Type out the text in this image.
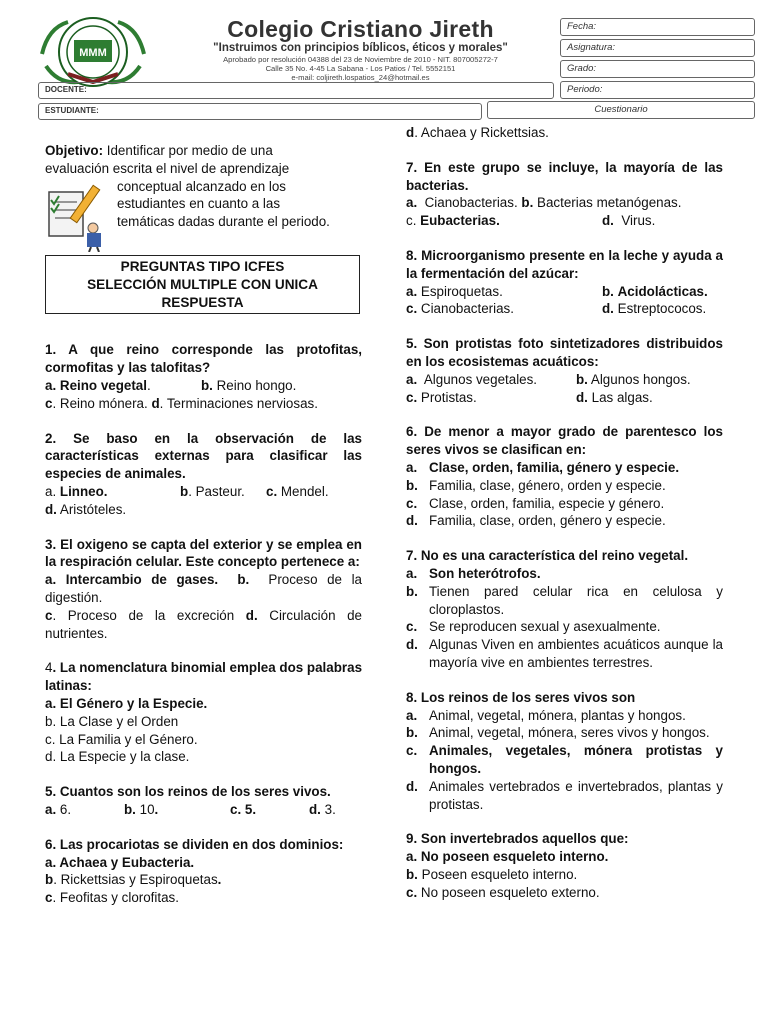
MMM
Colegio Cristiano Jireth
"Instruimos con principios bíblicos, éticos y morales"
Aprobado por resolución 04388 del 23 de Noviembre de 2010 - NIT. 807005272-7
Calle 35 No. 4-45 La Sabana - Los Patios / Tel. 5552151
e-mail: coljireth.lospatios_24@hotmail.es
Fecha:
Asignatura:
Grado:
Periodo:
DOCENTE:
ESTUDIANTE:	Cuestionario
Objetivo: Identificar por medio de una
evaluación escrita el nivel de aprendizaje
conceptual alcanzado en los
estudiantes en cuanto a las
temáticas dadas durante el periodo.
PREGUNTAS TIPO ICFES
SELECCIÓN MULTIPLE CON UNICA
RESPUESTA
1. A que reino corresponde las protofitas, cormofitas y las talofitas?
a. Reino vegetal.	b. Reino hongo.
c. Reino mónera. d. Terminaciones nerviosas.
2. Se baso en la observación de las características externas para clasificar las especies de animales.
a. Linneo.	b. Pasteur.	c. Mendel.
d. Aristóteles.
3. El oxigeno se capta del exterior y se emplea en la respiración celular. Este concepto pertenece a:
a. Intercambio de gases. b. Proceso de la digestión.
c. Proceso de la excreción d. Circulación de nutrientes.
4. La nomenclatura binomial emplea dos palabras latinas:
a. El Género y la Especie.
b. La Clase y el Orden
c. La Familia y el Género.
d. La Especie y la clase.
5. Cuantos son los reinos de los seres vivos.
a. 6.	b. 10.	c. 5.	d. 3.
6. Las procariotas se dividen en dos dominios:
a. Achaea y Eubacteria.
b. Rickettsias y Espiroquetas.
c. Feofitas y clorofitas.
d. Achaea y Rickettsias.
7. En este grupo se incluye, la mayoría de las bacterias.
a. Cianobacterias. b. Bacterias metanógenas.
c. Eubacterias.	d. Virus.
8. Microorganismo presente en la leche y ayuda a la fermentación del azúcar:
a. Espiroquetas.	b. Acidolácticas.
c. Cianobacterias.	d. Estreptococos.
5. Son protistas foto sintetizadores distribuidos en los ecosistemas acuáticos:
a. Algunos vegetales.	b. Algunos hongos.
c. Protistas.	d. Las algas.
6. De menor a mayor grado de parentesco los seres vivos se clasifican en:
a. Clase, orden, familia, género y especie.
b. Familia, clase, género, orden y especie.
c. Clase, orden, familia, especie y género.
d. Familia, clase, orden, género y especie.
7. No es una característica del reino vegetal.
a. Son heterótrofos.
b. Tienen pared celular rica en celulosa y cloroplastos.
c. Se reproducen sexual y asexualmente.
d. Algunas Viven en ambientes acuáticos aunque la mayoría vive en ambientes terrestres.
8. Los reinos de los seres vivos son
a. Animal, vegetal, mónera, plantas y hongos.
b. Animal, vegetal, mónera, seres vivos y hongos.
c. Animales, vegetales, mónera protistas y hongos.
d. Animales vertebrados e invertebrados, plantas y protistas.
9. Son invertebrados aquellos que:
a. No poseen esqueleto interno.
b. Poseen esqueleto interno.
c. No poseen esqueleto externo.
